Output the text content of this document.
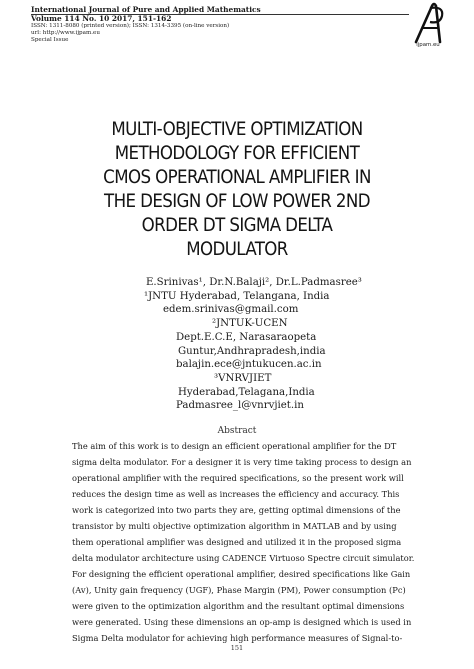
International Journal of Pure and Applied Mathematics
Volume 114 No. 10 2017, 151-162
ISSN: 1311-8080 (printed version); ISSN: 1314-3395 (on-line version)
url: http://www.ijpam.eu
Special Issue
ijpam.eu
MULTI-OBJECTIVE OPTIMIZATION
METHODOLOGY FOR EFFICIENT
CMOS OPERATIONAL AMPLIFIER IN
THE DESIGN OF LOW POWER 2ND
ORDER DT SIGMA DELTA
MODULATOR
E.Srinivas¹, Dr.N.Balaji², Dr.L.Padmasree³
¹JNTU Hyderabad, Telangana, India
edem.srinivas@gmail.com
²JNTUK-UCEN
Dept.E.C.E, Narasaraopeta
Guntur,Andhrapradesh,india
balajin.ece@jntukucen.ac.in
³VNRVJIET
Hyderabad,Telagana,India
Padmasree_l@vnrvjiet.in
Abstract
The aim of this work is to design an efficient operational amplifier for the DT
sigma delta modulator. For a designer it is very time taking process to design an
operational amplifier with the required specifications, so the present work will
reduces the design time as well as increases the efficiency and accuracy. This
work is categorized into two parts they are, getting optimal dimensions of the
transistor by multi objective optimization algorithm in MATLAB and by using
them operational amplifier was designed and utilized it in the proposed sigma
delta modulator architecture using CADENCE Virtuoso Spectre circuit simulator.
For designing the efficient operational amplifier, desired specifications like Gain
(Av), Unity gain frequency (UGF), Phase Margin (PM), Power consumption (Pc)
were given to the optimization algorithm and the resultant optimal dimensions
were generated. Using these dimensions an op-amp is designed which is used in
Sigma Delta modulator for achieving high performance measures of Signal-to-
151
